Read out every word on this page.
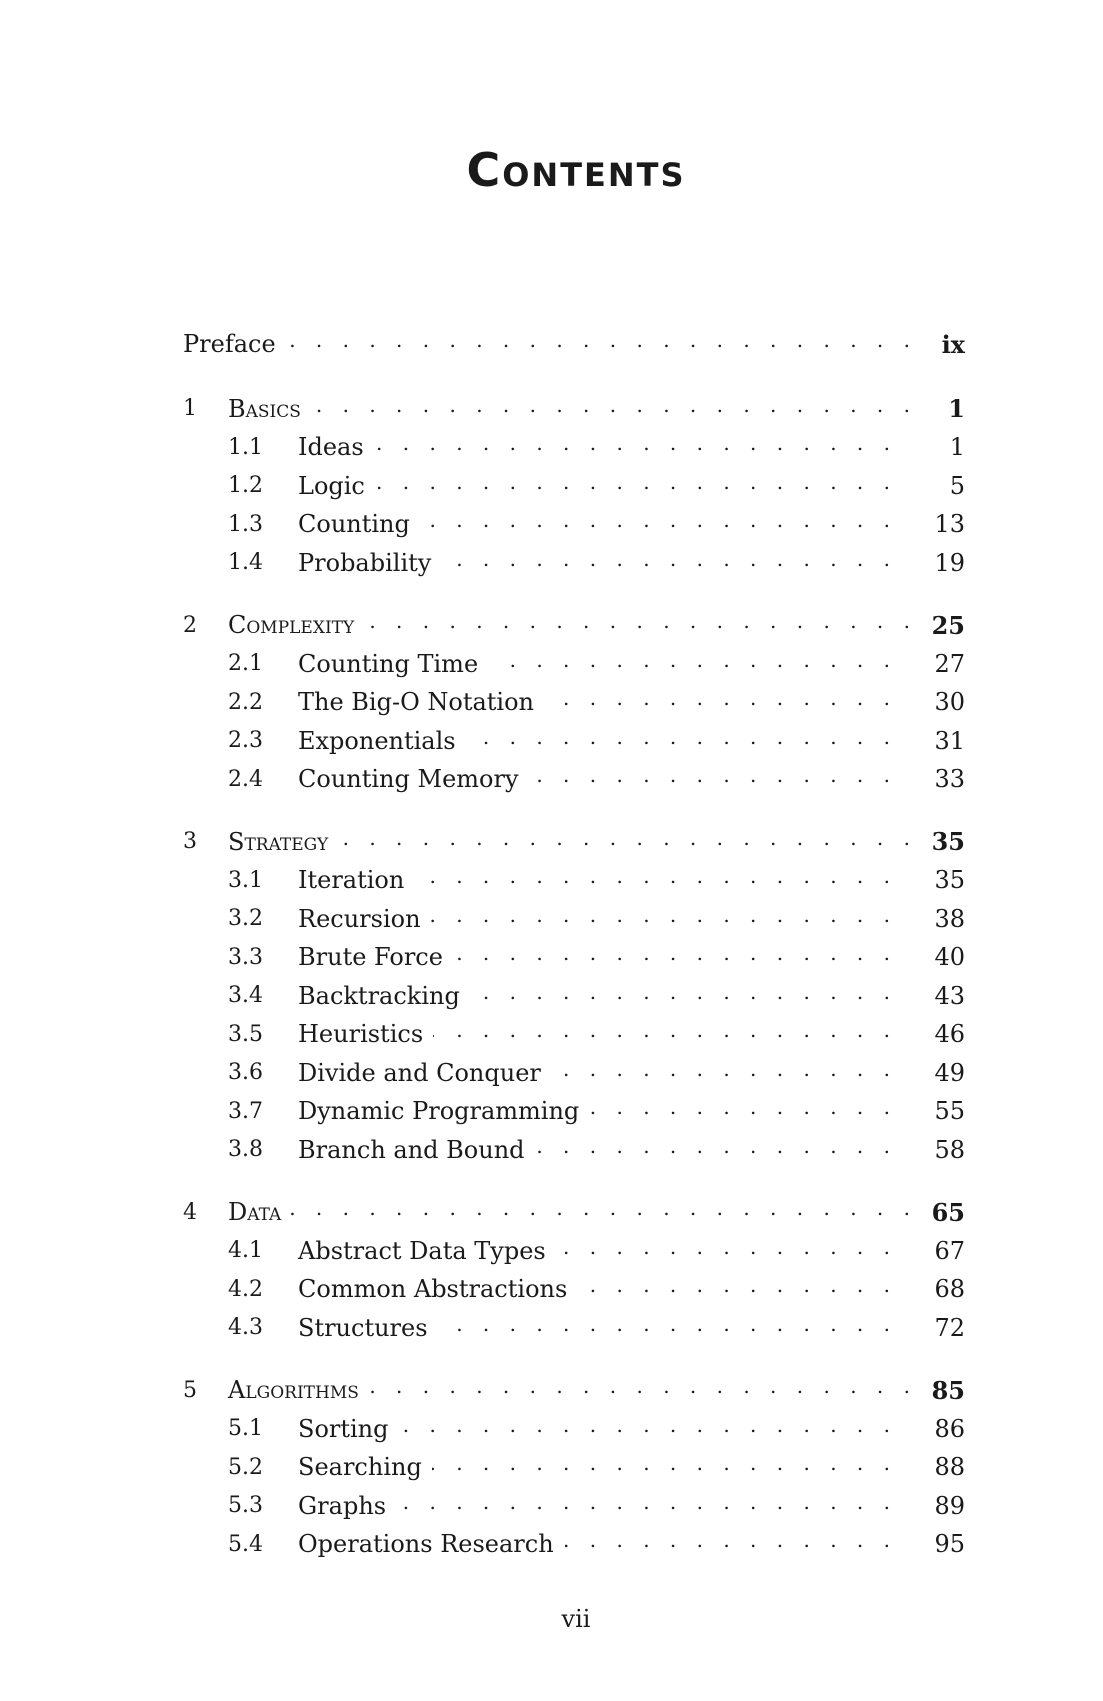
Contents
Preface . . .	ix
1	Basics . . .	1
1.1	Ideas . . .	1
1.2	Logic . . .	5
1.3	Counting . . .	13
1.4	Probability . . .	19
2	Complexity . . .	25
2.1	Counting Time . . .	27
2.2	The Big-O Notation . . .	30
2.3	Exponentials . . .	31
2.4	Counting Memory . . .	33
3	Strategy . . .	35
3.1	Iteration . . .	35
3.2	Recursion . . .	38
3.3	Brute Force . . .	40
3.4	Backtracking . . .	43
3.5	Heuristics . . .	46
3.6	Divide and Conquer . . .	49
3.7	Dynamic Programming . . .	55
3.8	Branch and Bound . . .	58
4	Data . . .	65
4.1	Abstract Data Types . . .	67
4.2	Common Abstractions . . .	68
4.3	Structures . . .	72
5	Algorithms . . .	85
5.1	Sorting . . .	86
5.2	Searching . . .	88
5.3	Graphs . . .	89
5.4	Operations Research . . .	95
vii
